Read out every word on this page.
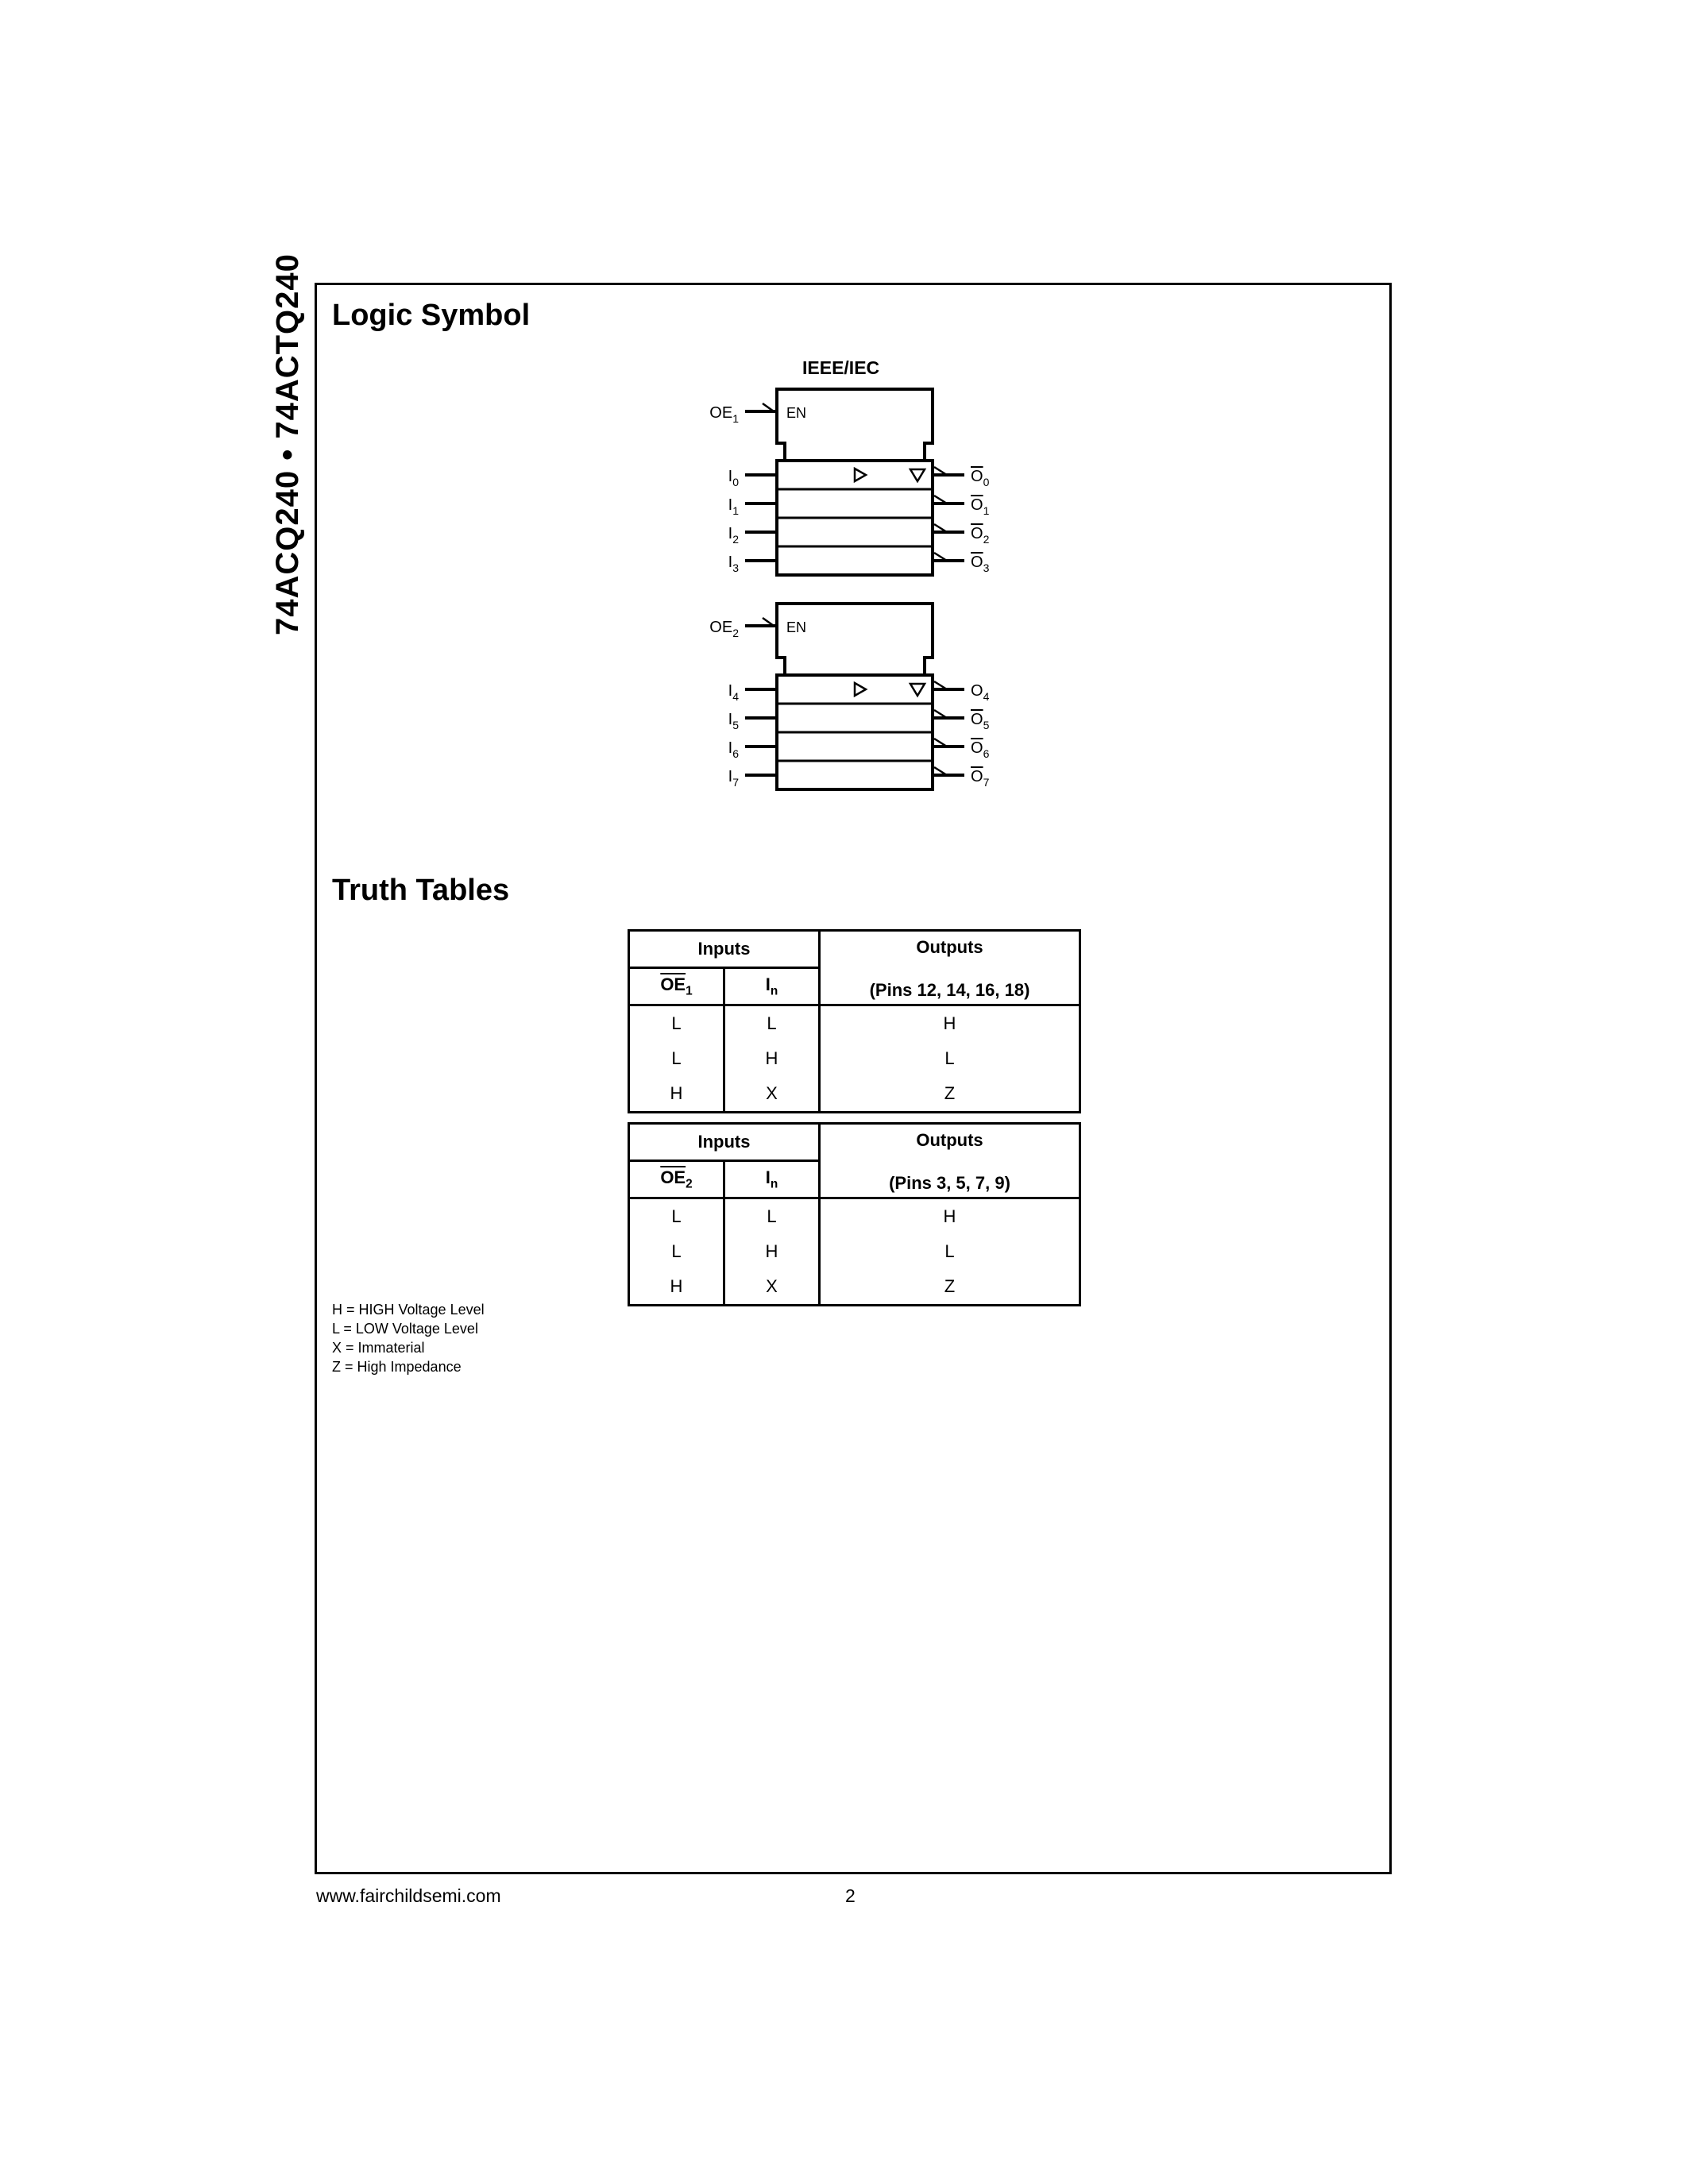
74ACQ240 • 74ACTQ240 Logic Symbol
IEEE/IEC
$OE_1$	EN
$I_0$
$I_1$
$I_2$
$I_3$
$O_0$
$O_1$
$O_2$
$O_3$
$OE_2$	EN
$I_4$
$I_5$
$I_6$
$I_7$
$O_4$
$O_5$
$O_6$
$O_7$
Truth Tables
Inputs		Outputs
(Pins 12, 14, 16, 18)

$\overline{OE}_1$	$I_n$
L	L	H
L	H	L
H	X	Z
Inputs		Outputs
(Pins 3, 5, 7, 9)

$\overline{OE}_2$	$I_n$
L	L	H
L	H	L
H	X	Z
H = HIGH Voltage Level
L = LOW Voltage Level
X = Immaterial
Z = High Impedance
www.fairchildsemi.com	2
